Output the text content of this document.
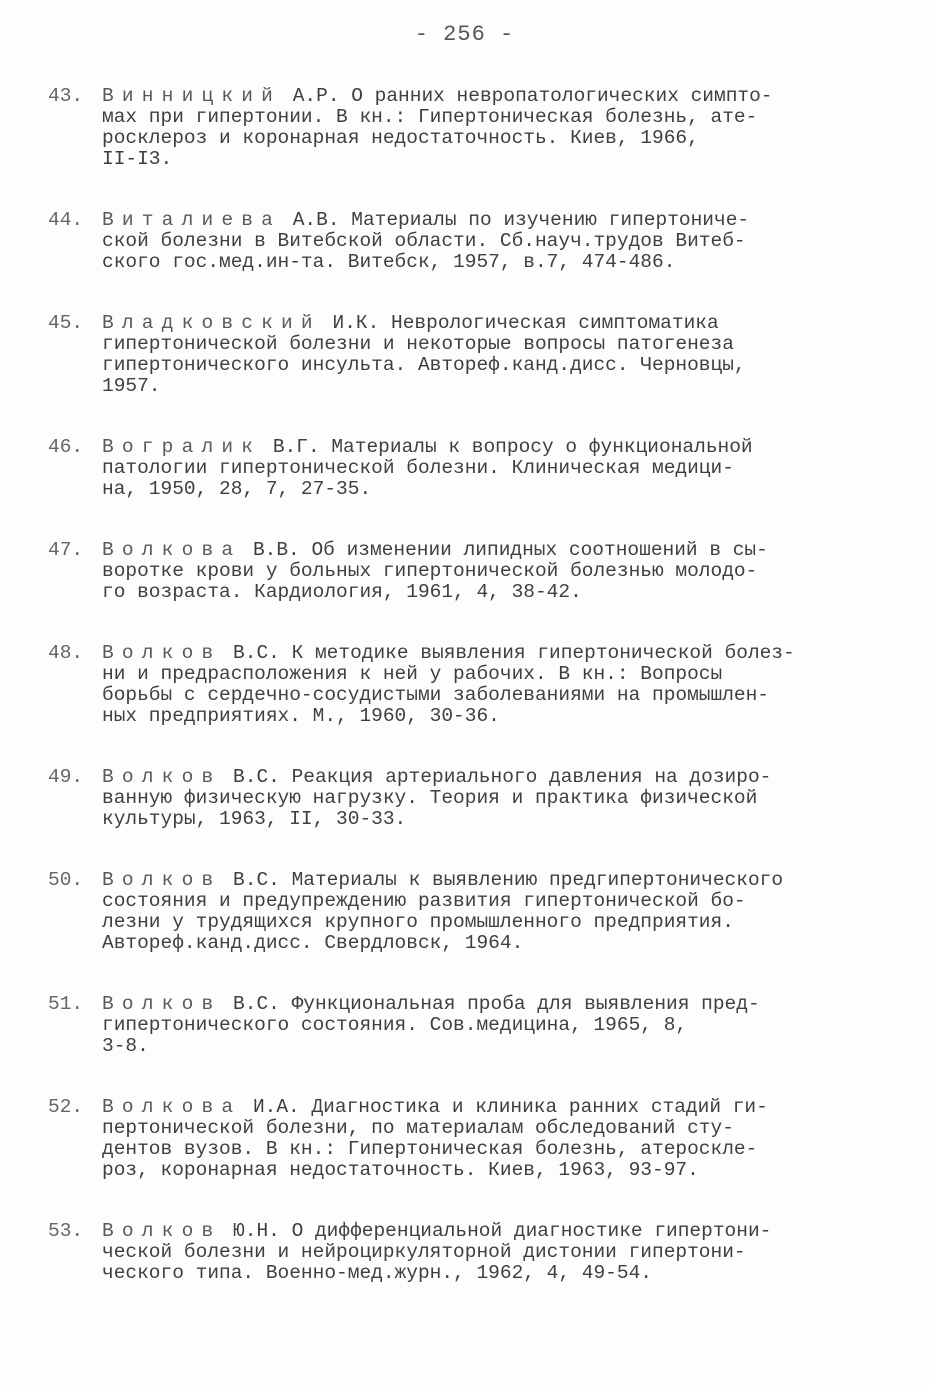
- 256 -
43. Винницкий А.Р. О ранних невропатологических симпто-
мах при гипертонии. В кн.: Гипертоническая болезнь, ате-
росклероз и коронарная недостаточность. Киев, 1966,
II-I3.
44. Виталиева А.В. Материалы по изучению гипертониче-
ской болезни в Витебской области. Сб.науч.трудов Витеб-
ского гос.мед.ин-та. Витебск, 1957, в.7, 474-486.
45. Владковский И.К. Неврологическая симптоматика
гипертонической болезни и некоторые вопросы патогенеза
гипертонического инсульта. Автореф.канд.дисс. Черновцы,
1957.
46. Вогралик В.Г. Материалы к вопросу о функциональной
патологии гипертонической болезни. Клиническая медици-
на, 1950, 28, 7, 27-35.
47. Волкова В.В. Об изменении липидных соотношений в сы-
воротке крови у больных гипертонической болезнью молодо-
го возраста. Кардиология, 1961, 4, 38-42.
48. Волков В.С. К методике выявления гипертонической болез-
ни и предрасположения к ней у рабочих. В кн.: Вопросы
борьбы с сердечно-сосудистыми заболеваниями на промышлен-
ных предприятиях. М., 1960, 30-36.
49. Волков В.С. Реакция артериального давления на дозиро-
ванную физическую нагрузку. Теория и практика физической
культуры, 1963, II, 30-33.
50. Волков В.С. Материалы к выявлению предгипертонического
состояния и предупреждению развития гипертонической бо-
лезни у трудящихся крупного промышленного предприятия.
Автореф.канд.дисс. Свердловск, 1964.
51. Волков В.С. Функциональная проба для выявления пред-
гипертонического состояния. Сов.медицина, 1965, 8,
3-8.
52. Волкова И.А. Диагностика и клиника ранних стадий ги-
пертонической болезни, по материалам обследований сту-
дентов вузов. В кн.: Гипертоническая болезнь, атероскле-
роз, коронарная недостаточность. Киев, 1963, 93-97.
53. Волков Ю.Н. О дифференциальной диагностике гипертони-
ческой болезни и нейроциркуляторной дистонии гипертони-
ческого типа. Военно-мед.журн., 1962, 4, 49-54.
